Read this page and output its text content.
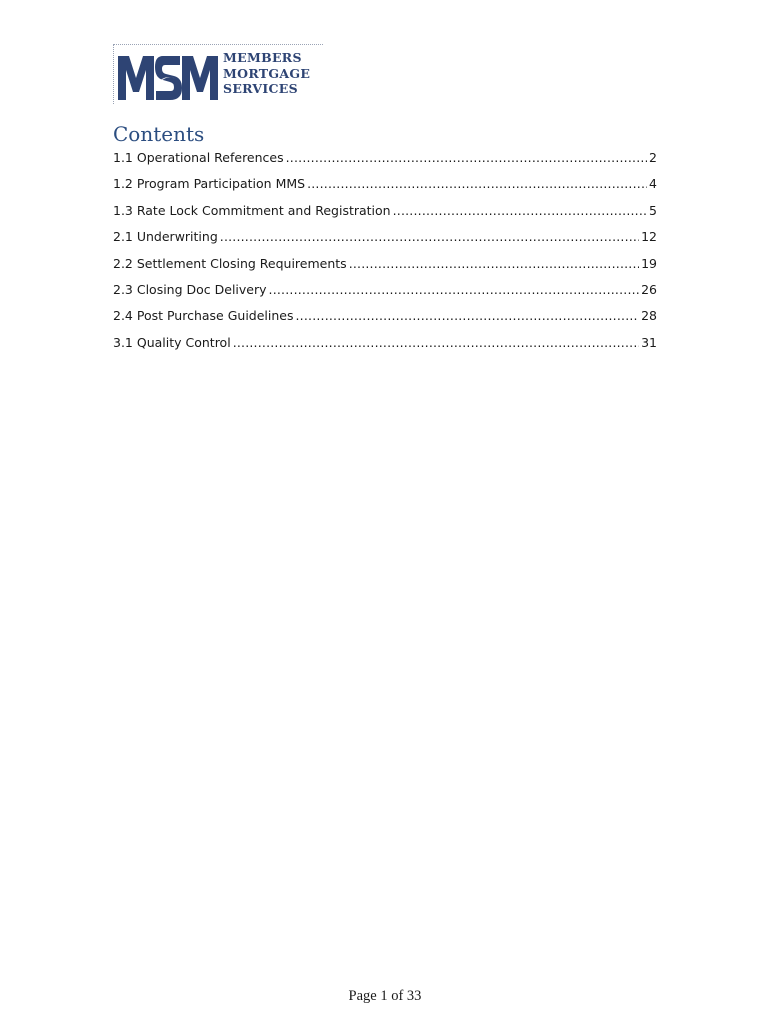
MEMBERS
MORTGAGE
SERVICES
Contents
1.1 Operational References .....	2
1.2 Program Participation MMS .....	4
1.3 Rate Lock Commitment and Registration .....	5
2.1 Underwriting .....	12
2.2 Settlement Closing Requirements .....	19
2.3 Closing Doc Delivery .....	26
2.4 Post Purchase Guidelines .....	28
3.1 Quality Control .....	31
Page 1 of 33
